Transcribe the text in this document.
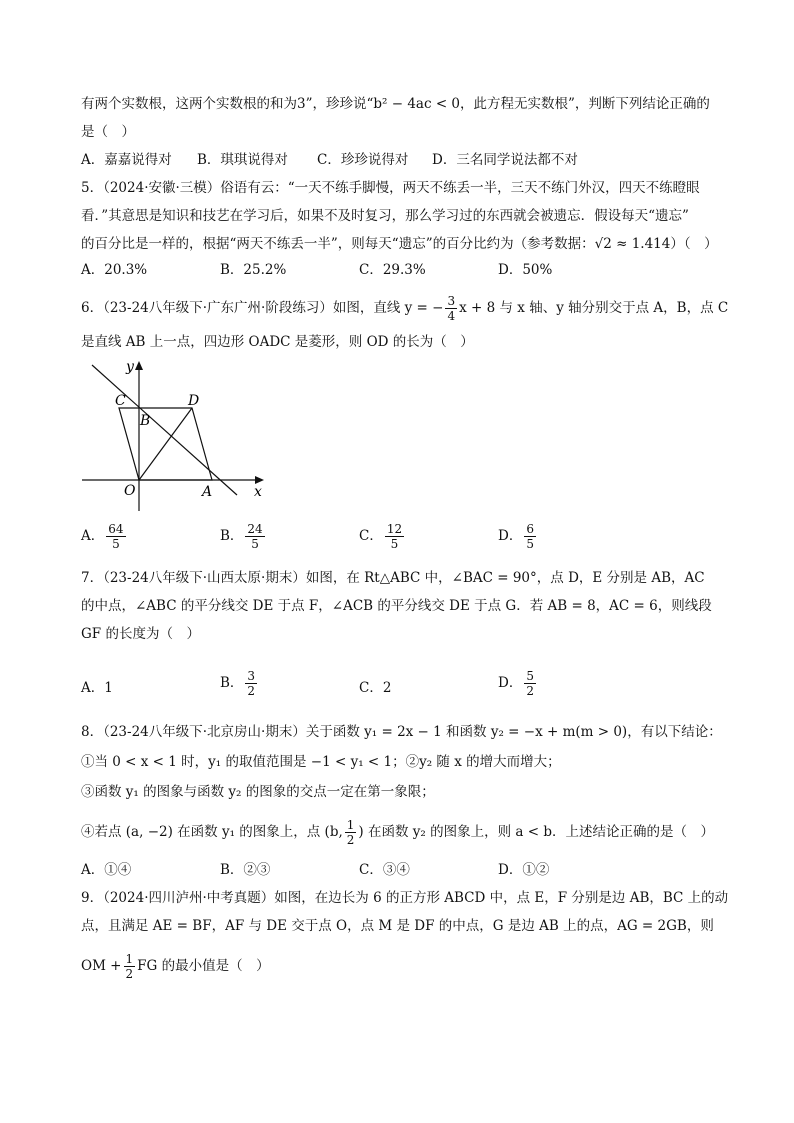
有两个实数根，这两个实数根的和为3”，珍珍说“b² − 4ac < 0，此方程无实数根”，判断下列结论正确的
是（　）
A．嘉嘉说得对 B．琪琪说得对 C．珍珍说得对 D．三名同学说法都不对
5．（2024·安徽·三模）俗语有云：“一天不练手脚慢，两天不练丢一半，三天不练门外汉，四天不练瞪眼
看．”其意思是知识和技艺在学习后，如果不及时复习，那么学习过的东西就会被遗忘．假设每天“遗忘”
的百分比是一样的，根据“两天不练丢一半”，则每天“遗忘”的百分比约为（参考数据：√2 ≈ 1.414）（　）
A．20.3%	B．25.2%	C．29.3%	D．50%
6．（23-24八年级下·广东广州·阶段练习）如图，直线 y = − $\frac{3}{4}$ x + 8 与 x 轴、y 轴分别交于点 A，B，点 C
是直线 AB 上一点，四边形 OADC 是菱形，则 OD 的长为（　）
y
x
C	D
B
O	A
A． $\frac{64}{5}$	B． $\frac{24}{5}$	C． $\frac{12}{5}$	D． $\frac{6}{5}$
7．（23-24八年级下·山西太原·期末）如图，在 Rt△ABC 中，∠BAC = 90°，点 D，E 分别是 AB，AC
的中点，∠ABC 的平分线交 DE 于点 F，∠ACB 的平分线交 DE 于点 G．若 AB = 8，AC = 6，则线段
GF 的长度为（　）
A．1	B． $\frac{3}{2}$	C．2	D． $\frac{5}{2}$
8．（23-24八年级下·北京房山·期末）关于函数 y₁ = 2x − 1 和函数 y₂ = −x + m(m > 0)，有以下结论：
①当 0 < x < 1 时，y₁ 的取值范围是 −1 < y₁ < 1；②y₂ 随 x 的增大而增大；
③函数 y₁ 的图象与函数 y₂ 的图象的交点一定在第一象限；
④若点 (a, −2) 在函数 y₁ 的图象上，点 (b, $\frac{1}{2}$ ) 在函数 y₂ 的图象上，则 a < b．上述结论正确的是（　）
A．①④	B．②③	C．③④	D．①②
9．（2024·四川泸州·中考真题）如图，在边长为 6 的正方形 ABCD 中，点 E，F 分别是边 AB，BC 上的动
点，且满足 AE = BF，AF 与 DE 交于点 O，点 M 是 DF 的中点，G 是边 AB 上的点，AG = 2GB，则
OM + $\frac{1}{2}$ FG 的最小值是（　）
